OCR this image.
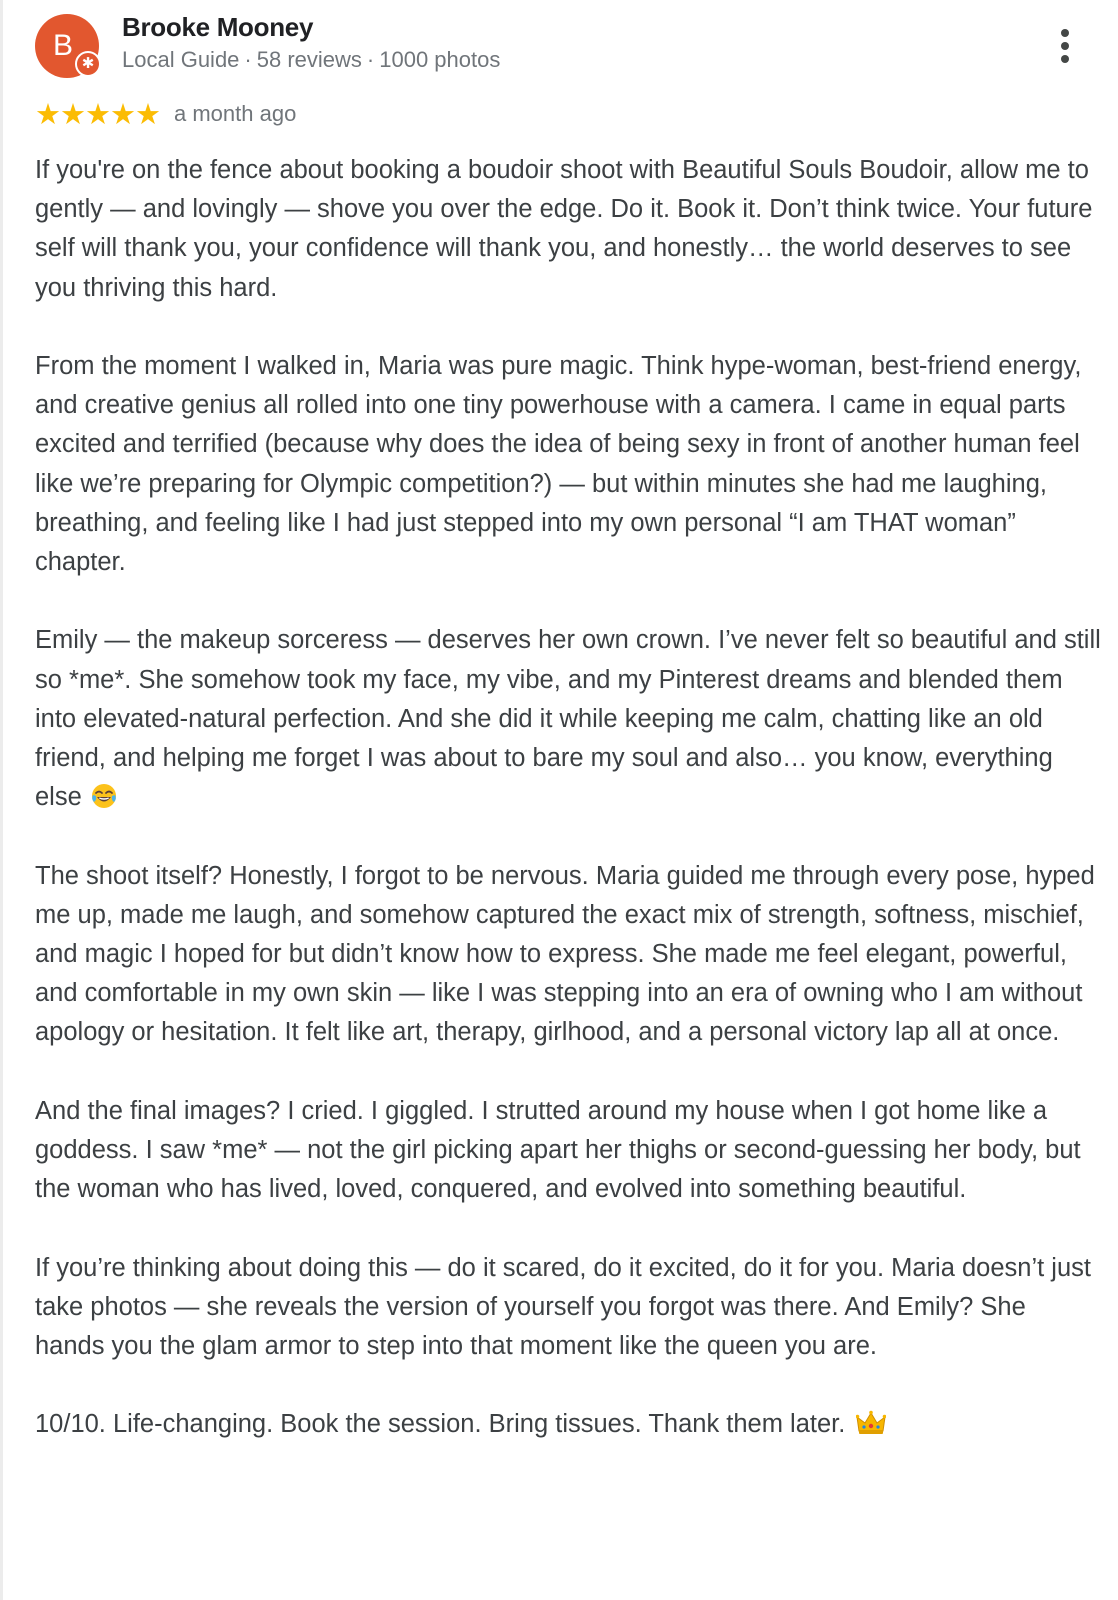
B
✱
Brooke Mooney
Local Guide · 58 reviews · 1000 photos
★★★★★ a month ago

If you're on the fence about booking a boudoir shoot with Beautiful Souls Boudoir, allow me to gently — and lovingly — shove you over the edge. Do it. Book it. Don’t think twice. Your future self will thank you, your confidence will thank you, and honestly… the world deserves to see you thriving this hard.

From the moment I walked in, Maria was pure magic. Think hype-woman, best-friend energy, and creative genius all rolled into one tiny powerhouse with a camera. I came in equal parts excited and terrified (because why does the idea of being sexy in front of another human feel like we’re preparing for Olympic competition?) — but within minutes she had me laughing, breathing, and feeling like I had just stepped into my own personal “I am THAT woman” chapter.

Emily — the makeup sorceress — deserves her own crown. I’ve never felt so beautiful and still so *me*. She somehow took my face, my vibe, and my Pinterest dreams and blended them into elevated-natural perfection. And she did it while keeping me calm, chatting like an old friend, and helping me forget I was about to bare my soul and also… you know, everything else

The shoot itself? Honestly, I forgot to be nervous. Maria guided me through every pose, hyped me up, made me laugh, and somehow captured the exact mix of strength, softness, mischief, and magic I hoped for but didn’t know how to express. She made me feel elegant, powerful, and comfortable in my own skin — like I was stepping into an era of owning who I am without apology or hesitation. It felt like art, therapy, girlhood, and a personal victory lap all at once.

And the final images? I cried. I giggled. I strutted around my house when I got home like a goddess. I saw *me* — not the girl picking apart her thighs or second-guessing her body, but the woman who has lived, loved, conquered, and evolved into something beautiful.

If you’re thinking about doing this — do it scared, do it excited, do it for you. Maria doesn’t just take photos — she reveals the version of yourself you forgot was there. And Emily? She hands you the glam armor to step into that moment like the queen you are.

10/10. Life-changing. Book the session. Bring tissues. Thank them later.
